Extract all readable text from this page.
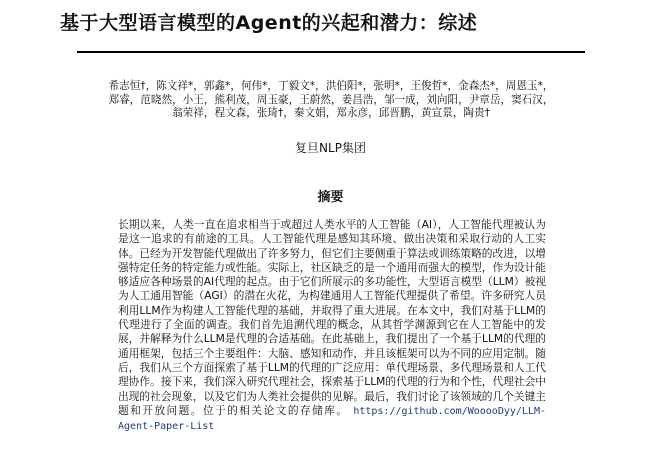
基于大型语言模型的Agent的兴起和潜力：综述
希志恒†，陈文祥*，郭鑫*，何伟*，丁毅文*，洪伯阳*，张明*，王俊哲*，金森杰*，周恩玉*，郑睿，范晓然，小王，熊利茂，周玉豪，王蔚然，姜昌浩，邹一成，刘向阳，尹章岳，窦石汉，翁荣祥，程文森，张琦†，秦文娟，郑永彦，邱晋鹏，黄宣景，陶贵†
复旦NLP集团
摘要
长期以来，人类一直在追求相当于或超过人类水平的人工智能（AI），人工智能代理被认为是这一追求的有前途的工具。人工智能代理是感知其环境、做出决策和采取行动的人工实体。已经为开发智能代理做出了许多努力，但它们主要侧重于算法或训练策略的改进，以增强特定任务的特定能力或性能。实际上，社区缺乏的是一个通用而强大的模型，作为设计能够适应各种场景的AI代理的起点。由于它们所展示的多功能性，大型语言模型（LLM）被视为人工通用智能（AGI）的潜在火花，为构建通用人工智能代理提供了希望。许多研究人员利用LLM作为构建人工智能代理的基础，并取得了重大进展。在本文中，我们对基于LLM的代理进行了全面的调查。我们首先追溯代理的概念，从其哲学渊源到它在人工智能中的发展，并解释为什么LLM是代理的合适基础。在此基础上，我们提出了一个基于LLM的代理的通用框架，包括三个主要组件：大脑、感知和动作，并且该框架可以为不同的应用定制。随后，我们从三个方面探索了基于LLM的代理的广泛应用：单代理场景、多代理场景和人工代理协作。接下来，我们深入研究代理社会，探索基于LLM的代理的行为和个性，代理社会中出现的社会现象，以及它们为人类社会提供的见解。最后，我们讨论了该领域的几个关键主题和开放问题。位于的相关论文的存储库。 https://github.com/WooooDyy/LLM-Agent-Paper-List
